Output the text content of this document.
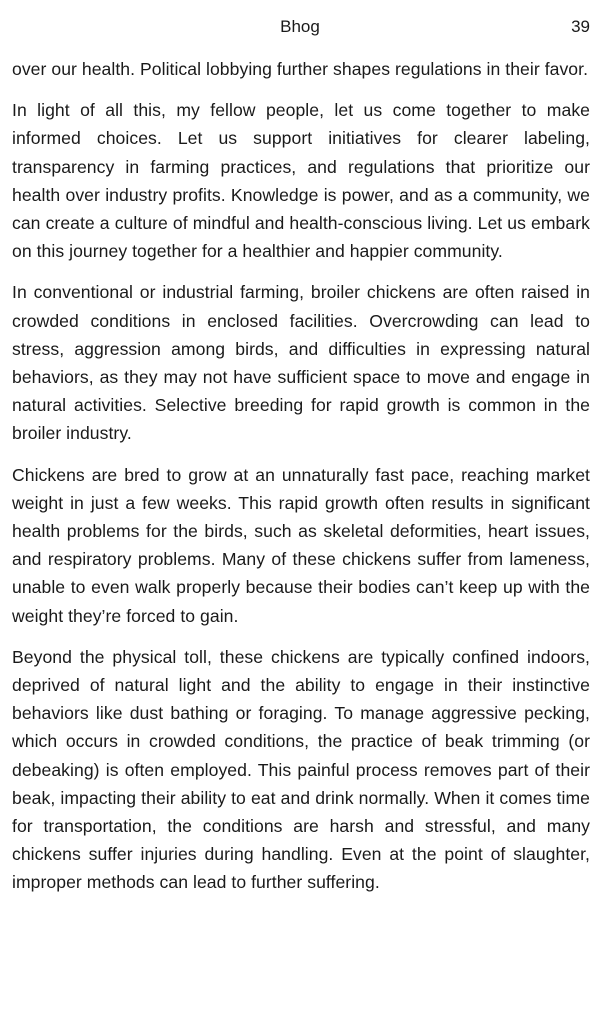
Bhog	39

over our health. Political lobbying further shapes regulations in their favor.

In light of all this, my fellow people, let us come together to make informed choices. Let us support initiatives for clearer labeling, transparency in farming practices, and regulations that prioritize our health over industry profits. Knowledge is power, and as a community, we can create a culture of mindful and health-conscious living. Let us embark on this journey together for a healthier and happier community.

In conventional or industrial farming, broiler chickens are often raised in crowded conditions in enclosed facilities. Overcrowding can lead to stress, aggression among birds, and difficulties in expressing natural behaviors, as they may not have sufficient space to move and engage in natural activities. Selective breeding for rapid growth is common in the broiler industry.

Chickens are bred to grow at an unnaturally fast pace, reaching market weight in just a few weeks. This rapid growth often results in significant health problems for the birds, such as skeletal deformities, heart issues, and respiratory problems. Many of these chickens suffer from lameness, unable to even walk properly because their bodies can’t keep up with the weight they’re forced to gain.

Beyond the physical toll, these chickens are typically confined indoors, deprived of natural light and the ability to engage in their instinctive behaviors like dust bathing or foraging. To manage aggressive pecking, which occurs in crowded conditions, the practice of beak trimming (or debeaking) is often employed. This painful process removes part of their beak, impacting their ability to eat and drink normally. When it comes time for transportation, the conditions are harsh and stressful, and many chickens suffer injuries during handling. Even at the point of slaughter, improper methods can lead to further suffering.
